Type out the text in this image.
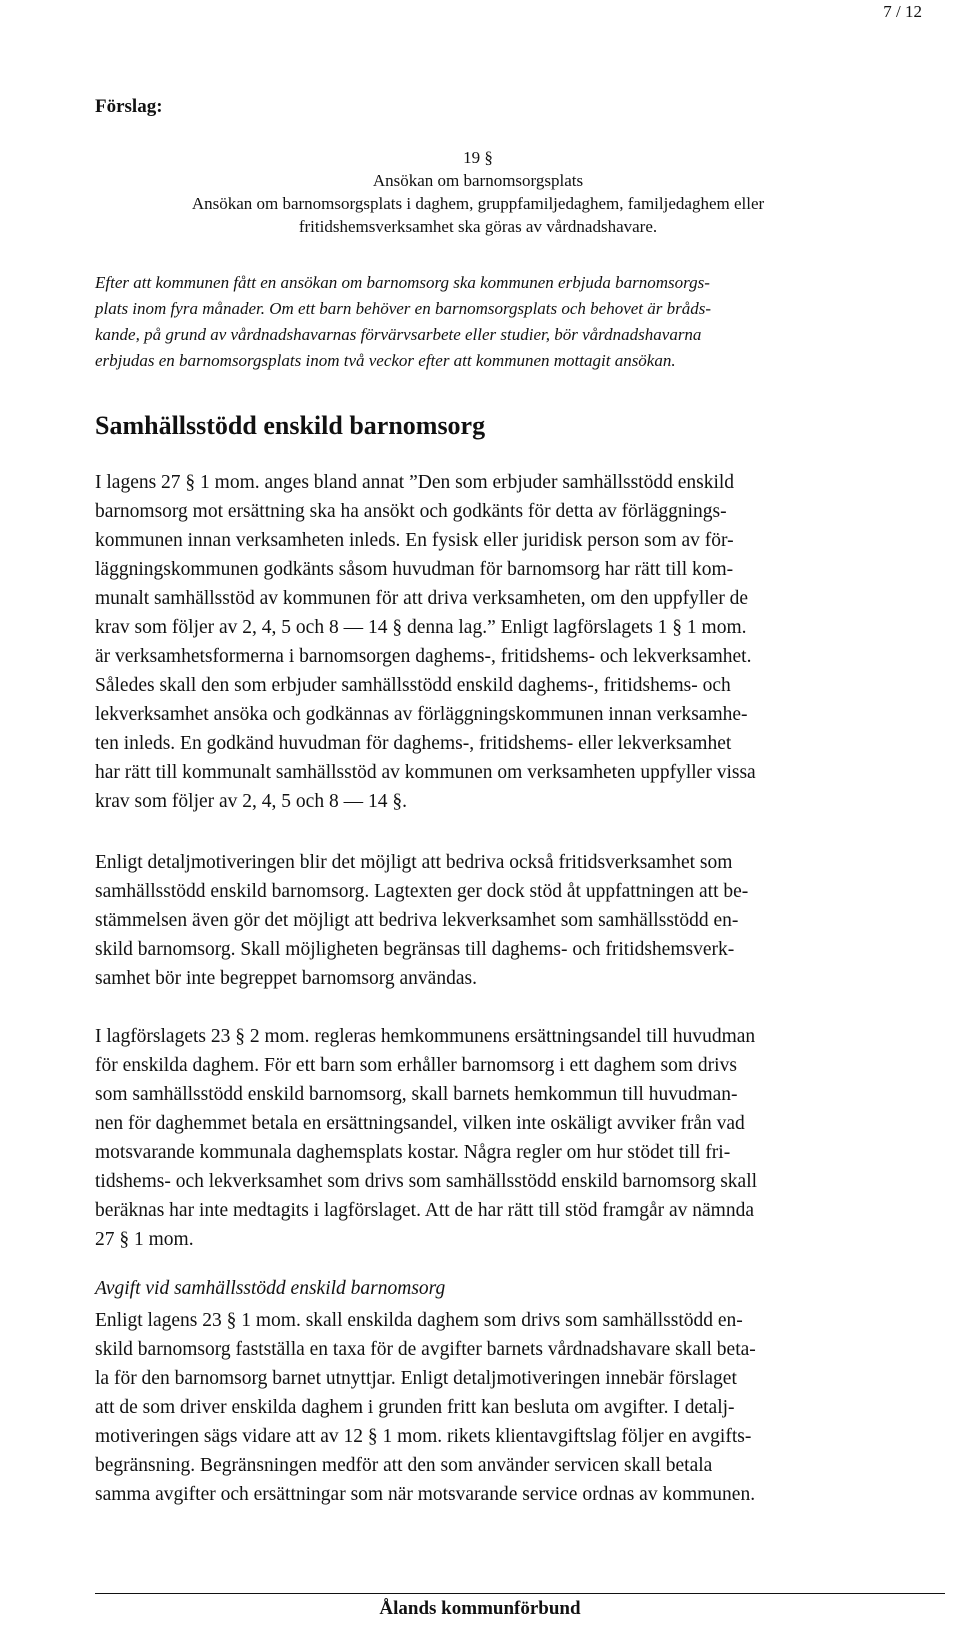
7 / 12
Förslag:
19 §
Ansökan om barnomsorgsplats
Ansökan om barnomsorgsplats i daghem, gruppfamiljedaghem, familjedaghem eller
fritidshemsverksamhet ska göras av vårdnadshavare.
Efter att kommunen fått en ansökan om barnomsorg ska kommunen erbjuda barnomsorgs-
plats inom fyra månader. Om ett barn behöver en barnomsorgsplats och behovet är bråds-
kande, på grund av vårdnadshavarnas förvärvsarbete eller studier, bör vårdnadshavarna
erbjudas en barnomsorgsplats inom två veckor efter att kommunen mottagit ansökan.
Samhällsstödd enskild barnomsorg
I lagens 27 § 1 mom. anges bland annat ”Den som erbjuder samhällsstödd enskild
barnomsorg mot ersättning ska ha ansökt och godkänts för detta av förläggnings-
kommunen innan verksamheten inleds. En fysisk eller juridisk person som av för-
läggningskommunen godkänts såsom huvudman för barnomsorg har rätt till kom-
munalt samhällsstöd av kommunen för att driva verksamheten, om den uppfyller de
krav som följer av 2, 4, 5 och 8 — 14 § denna lag.” Enligt lagförslagets 1 § 1 mom.
är verksamhetsformerna i barnomsorgen daghems-, fritidshems- och lekverksamhet.
Således skall den som erbjuder samhällsstödd enskild daghems-, fritidshems- och
lekverksamhet ansöka och godkännas av förläggningskommunen innan verksamhe-
ten inleds. En godkänd huvudman för daghems-, fritidshems- eller lekverksamhet
har rätt till kommunalt samhällsstöd av kommunen om verksamheten uppfyller vissa
krav som följer av 2, 4, 5 och 8 — 14 §.
Enligt detaljmotiveringen blir det möjligt att bedriva också fritidsverksamhet som
samhällsstödd enskild barnomsorg. Lagtexten ger dock stöd åt uppfattningen att be-
stämmelsen även gör det möjligt att bedriva lekverksamhet som samhällsstödd en-
skild barnomsorg. Skall möjligheten begränsas till daghems- och fritidshemsverk-
samhet bör inte begreppet barnomsorg användas.
I lagförslagets 23 § 2 mom. regleras hemkommunens ersättningsandel till huvudman
för enskilda daghem. För ett barn som erhåller barnomsorg i ett daghem som drivs
som samhällsstödd enskild barnomsorg, skall barnets hemkommun till huvudman-
nen för daghemmet betala en ersättningsandel, vilken inte oskäligt avviker från vad
motsvarande kommunala daghemsplats kostar. Några regler om hur stödet till fri-
tidshems- och lekverksamhet som drivs som samhällsstödd enskild barnomsorg skall
beräknas har inte medtagits i lagförslaget. Att de har rätt till stöd framgår av nämnda
27 § 1 mom.
Avgift vid samhällsstödd enskild barnomsorg
Enligt lagens 23 § 1 mom. skall enskilda daghem som drivs som samhällsstödd en-
skild barnomsorg fastställa en taxa för de avgifter barnets vårdnadshavare skall beta-
la för den barnomsorg barnet utnyttjar. Enligt detaljmotiveringen innebär förslaget
att de som driver enskilda daghem i grunden fritt kan besluta om avgifter. I detalj-
motiveringen sägs vidare att av 12 § 1 mom. rikets klientavgiftslag följer en avgifts-
begränsning. Begränsningen medför att den som använder servicen skall betala
samma avgifter och ersättningar som när motsvarande service ordnas av kommunen.
Ålands kommunförbund
